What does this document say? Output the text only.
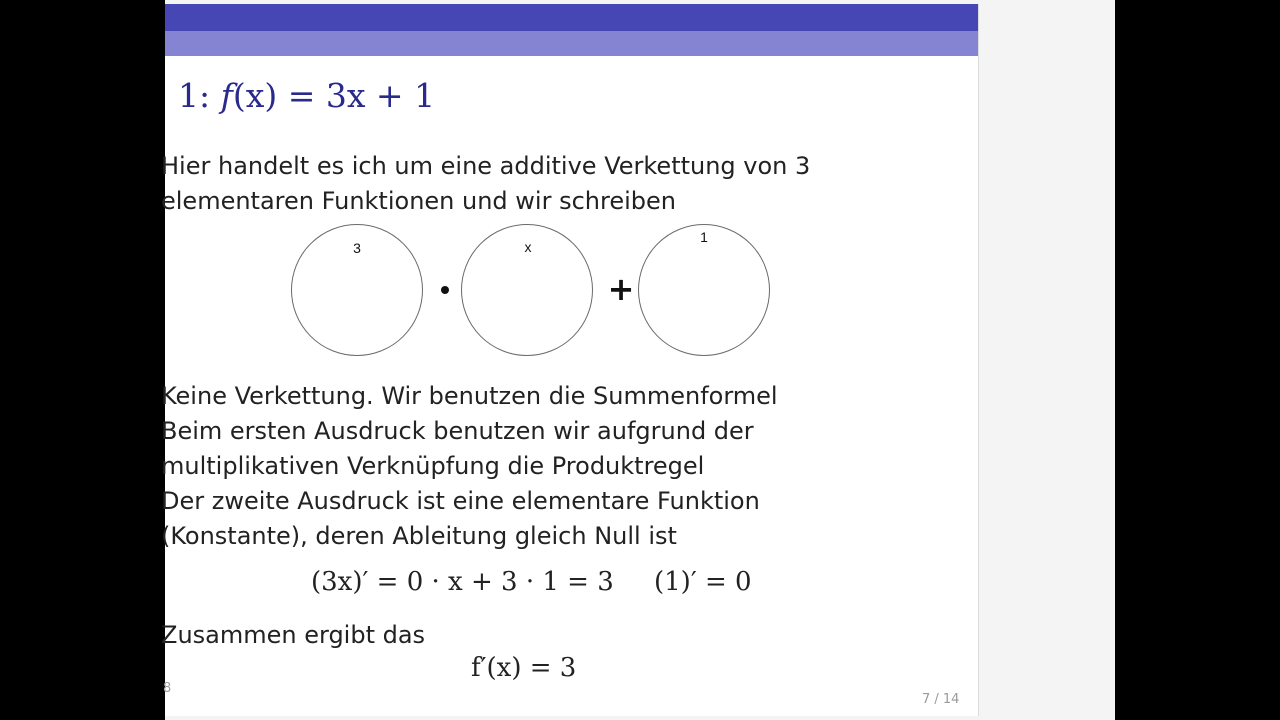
1: f(x) = 3x + 1
Hier handelt es ich um eine additive Verkettung von 3
elementaren Funktionen und wir schreiben
3	x
+
1
Keine Verkettung. Wir benutzen die Summenformel
Beim ersten Ausdruck benutzen wir aufgrund der
multiplikativen Verknüpfung die Produktregel
Der zweite Ausdruck ist eine elementare Funktion
(Konstante), deren Ableitung gleich Null ist
(3x)′ = 0 · x + 3 · 1 = 3 (1)′ = 0
Zusammen ergibt das
f′(x) = 3
8
7 / 14
